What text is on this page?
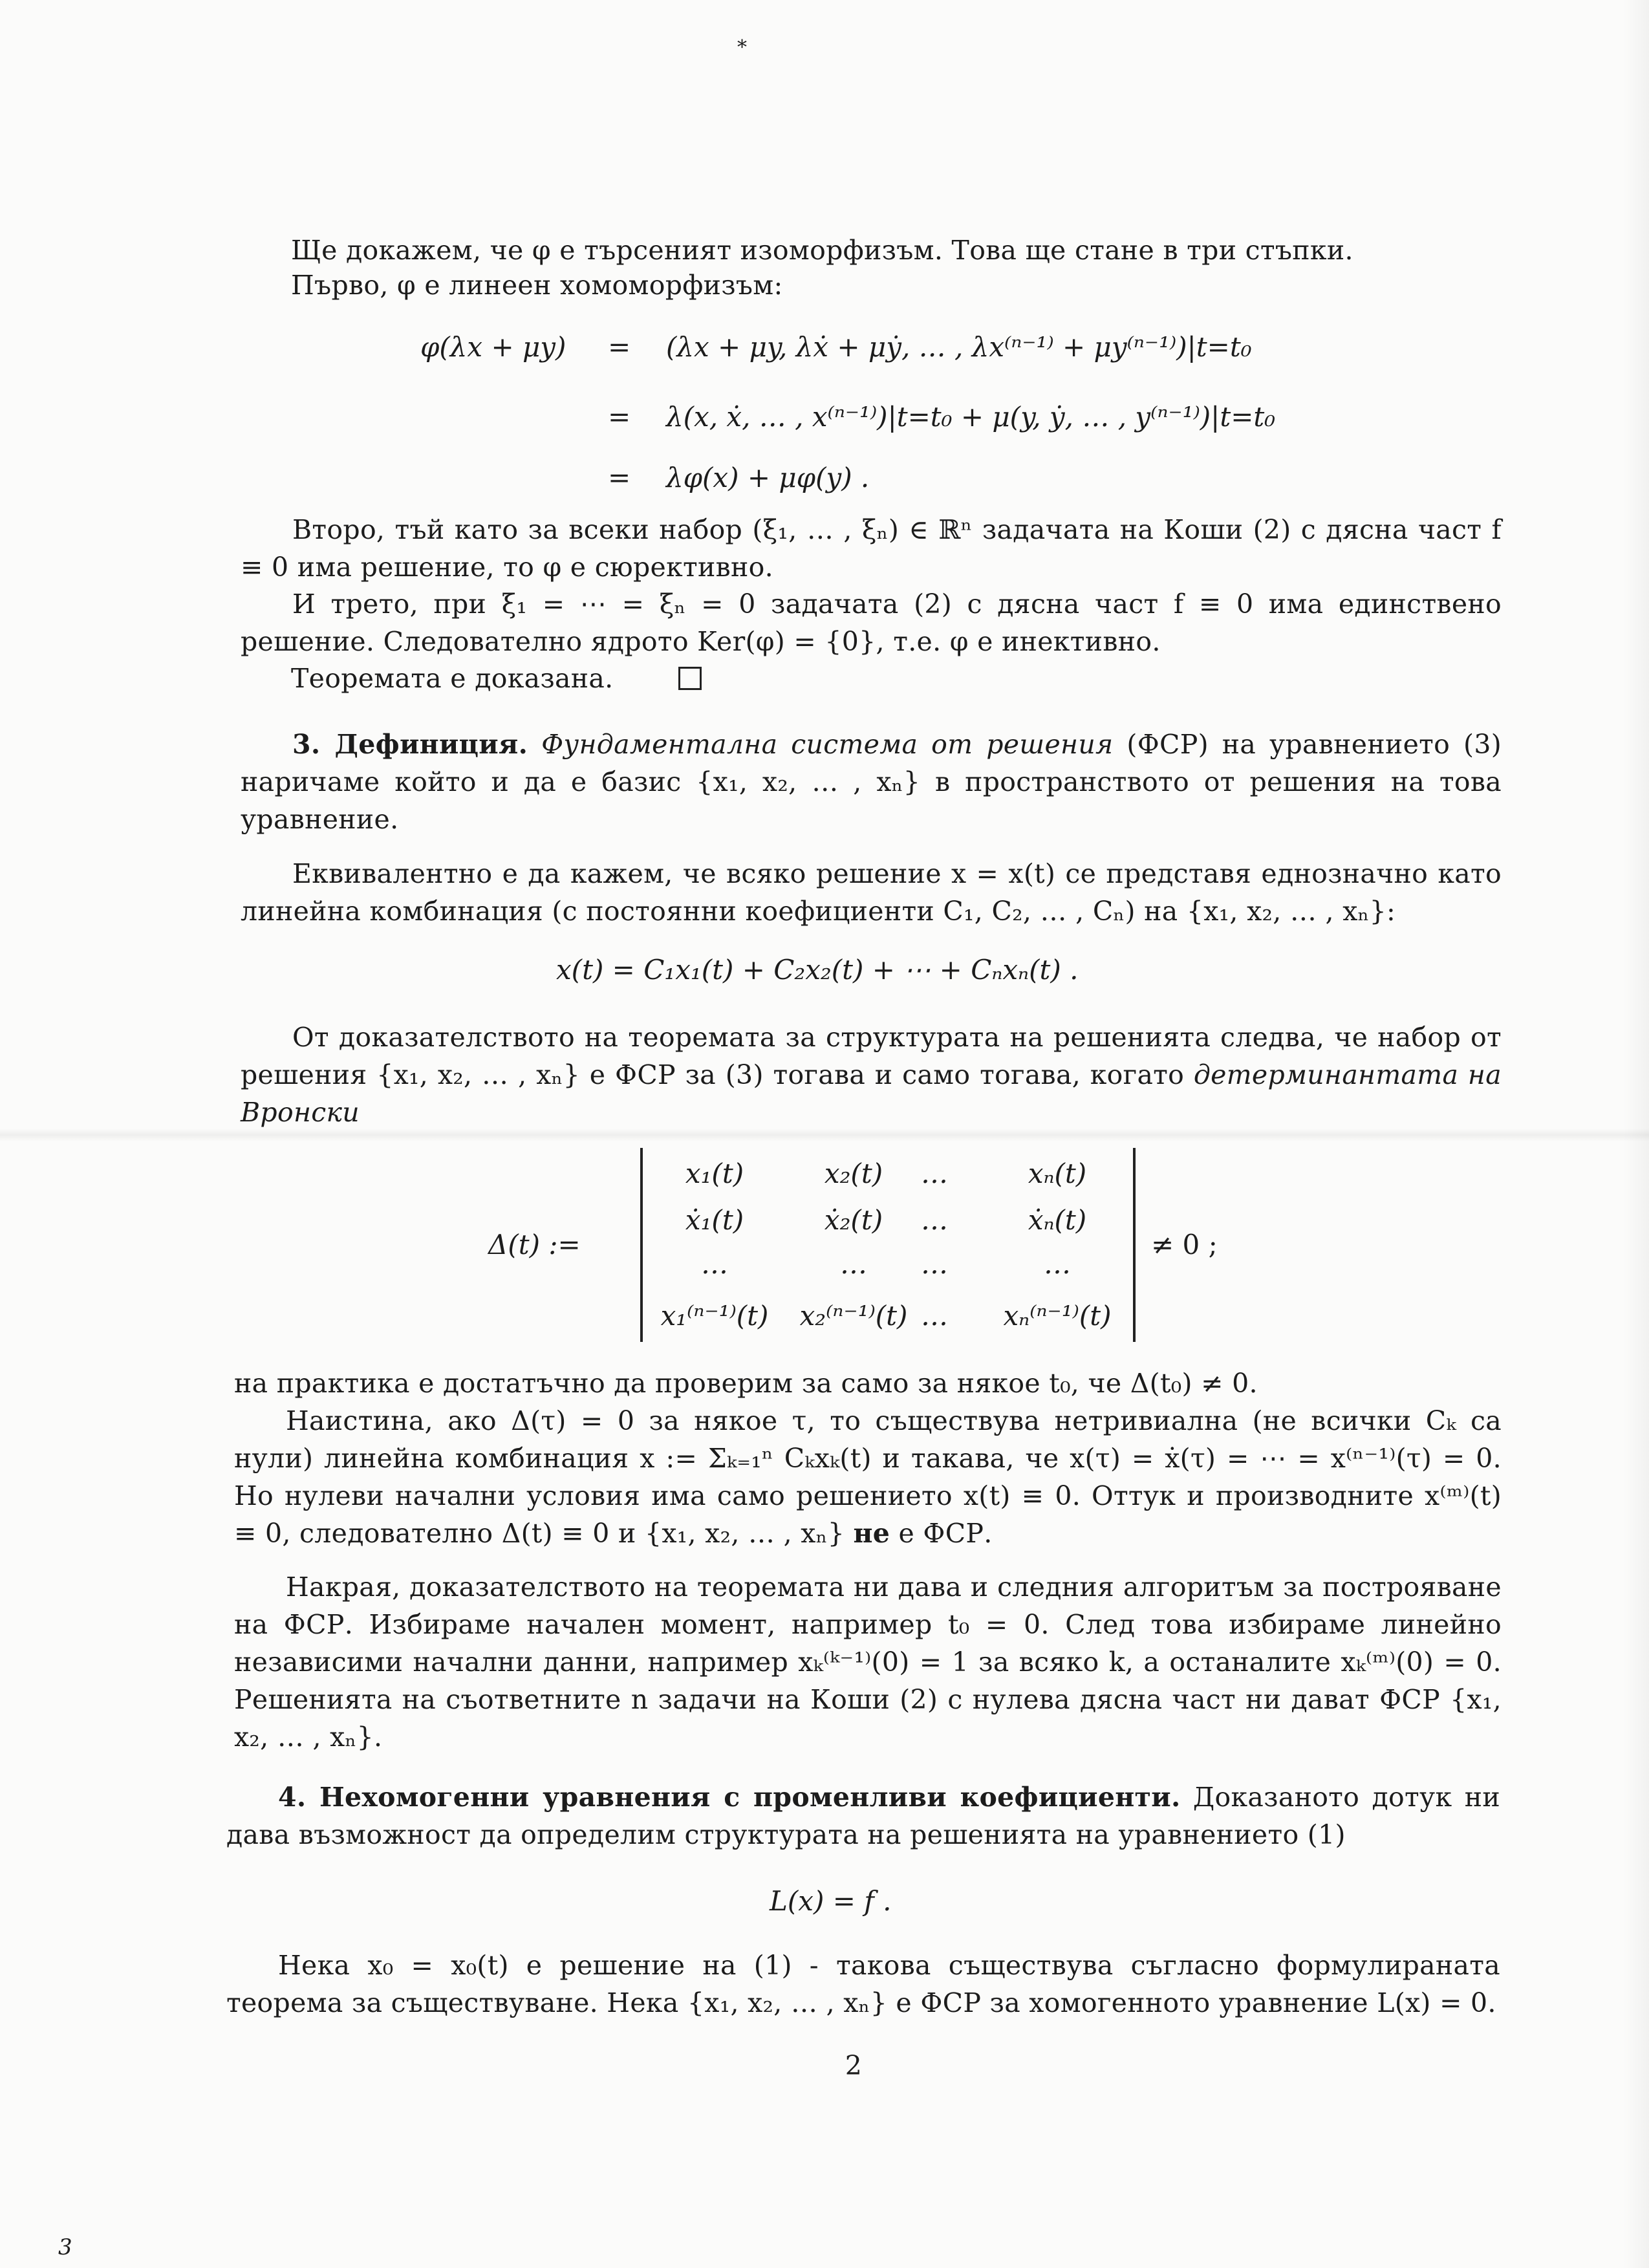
*
Ще докажем, че φ е търсеният изоморфизъм. Това ще стане в три стъпки.
Първо, φ е линеен хомоморфизъм:
φ(λx + μy) = (λx + μy, λẋ + μẏ, … , λx⁽ⁿ⁻¹⁾ + μy⁽ⁿ⁻¹⁾)|t=t₀
= λ(x, ẋ, … , x⁽ⁿ⁻¹⁾)|t=t₀ + μ(y, ẏ, … , y⁽ⁿ⁻¹⁾)|t=t₀
= λφ(x) + μφ(y) .
Второ, тъй като за всеки набор (ξ₁, … , ξₙ) ∈ ℝⁿ задачата на Коши (2) с дясна част f ≡ 0 има решение, то φ е сюрективно.
И трето, при ξ₁ = ⋯ = ξₙ = 0 задачата (2) с дясна част f ≡ 0 има единствено решение. Следователно ядрото Ker(φ) = {0}, т.е. φ е инективно.
Теоремата е доказана.
3. Дефиниция. Фундаментална система от решения (ФСР) на уравнението (3) наричаме който и да е базис {x₁, x₂, … , xₙ} в пространството от решения на това уравнение.
Еквивалентно е да кажем, че всяко решение x = x(t) се представя еднозначно като линейна комбинация (с постоянни коефициенти C₁, C₂, … , Cₙ) на {x₁, x₂, … , xₙ}:
x(t) = C₁x₁(t) + C₂x₂(t) + ⋯ + Cₙxₙ(t) .
От доказателството на теоремата за структурата на решенията следва, че набор от решения {x₁, x₂, … , xₙ} е ФСР за (3) тогава и само тогава, когато детерминантата на Вронски
Δ(t) :=	≠ 0 ;
x₁(t)	x₂(t)	…	xₙ(t)
ẋ₁(t)	ẋ₂(t)	…	ẋₙ(t)
…	…	…	…
x₁⁽ⁿ⁻¹⁾(t)	x₂⁽ⁿ⁻¹⁾(t) …	xₙ⁽ⁿ⁻¹⁾(t)
на практика е достатъчно да проверим за само за някое t₀, че Δ(t₀) ≠ 0.
Наистина, ако Δ(τ) = 0 за някое τ, то съществува нетривиална (не всички Cₖ са нули) линейна комбинация x := Σₖ₌₁ⁿ Cₖxₖ(t) и такава, че x(τ) = ẋ(τ) = ⋯ = x⁽ⁿ⁻¹⁾(τ) = 0. Но нулеви начални условия има само решението x(t) ≡ 0. Оттук и производните x⁽ᵐ⁾(t) ≡ 0, следователно Δ(t) ≡ 0 и {x₁, x₂, … , xₙ} не е ФСР.
Накрая, доказателството на теоремата ни дава и следния алгоритъм за построяване на ФСР. Избираме начален момент, например t₀ = 0. След това избираме линейно независими начални данни, например xₖ⁽ᵏ⁻¹⁾(0) = 1 за всяко k, а останалите xₖ⁽ᵐ⁾(0) = 0. Решенията на съответните n задачи на Коши (2) с нулева дясна част ни дават ФСР {x₁, x₂, … , xₙ}.
4. Нехомогенни уравнения с променливи коефициенти. Доказаното дотук ни дава възможност да определим структурата на решенията на уравнението (1)
L(x) = f .
Нека x₀ = x₀(t) е решение на (1) - такова съществува съгласно формулираната теорема за съществуване. Нека {x₁, x₂, … , xₙ} е ФСР за хомогенното уравнение L(x) = 0.
2
3
